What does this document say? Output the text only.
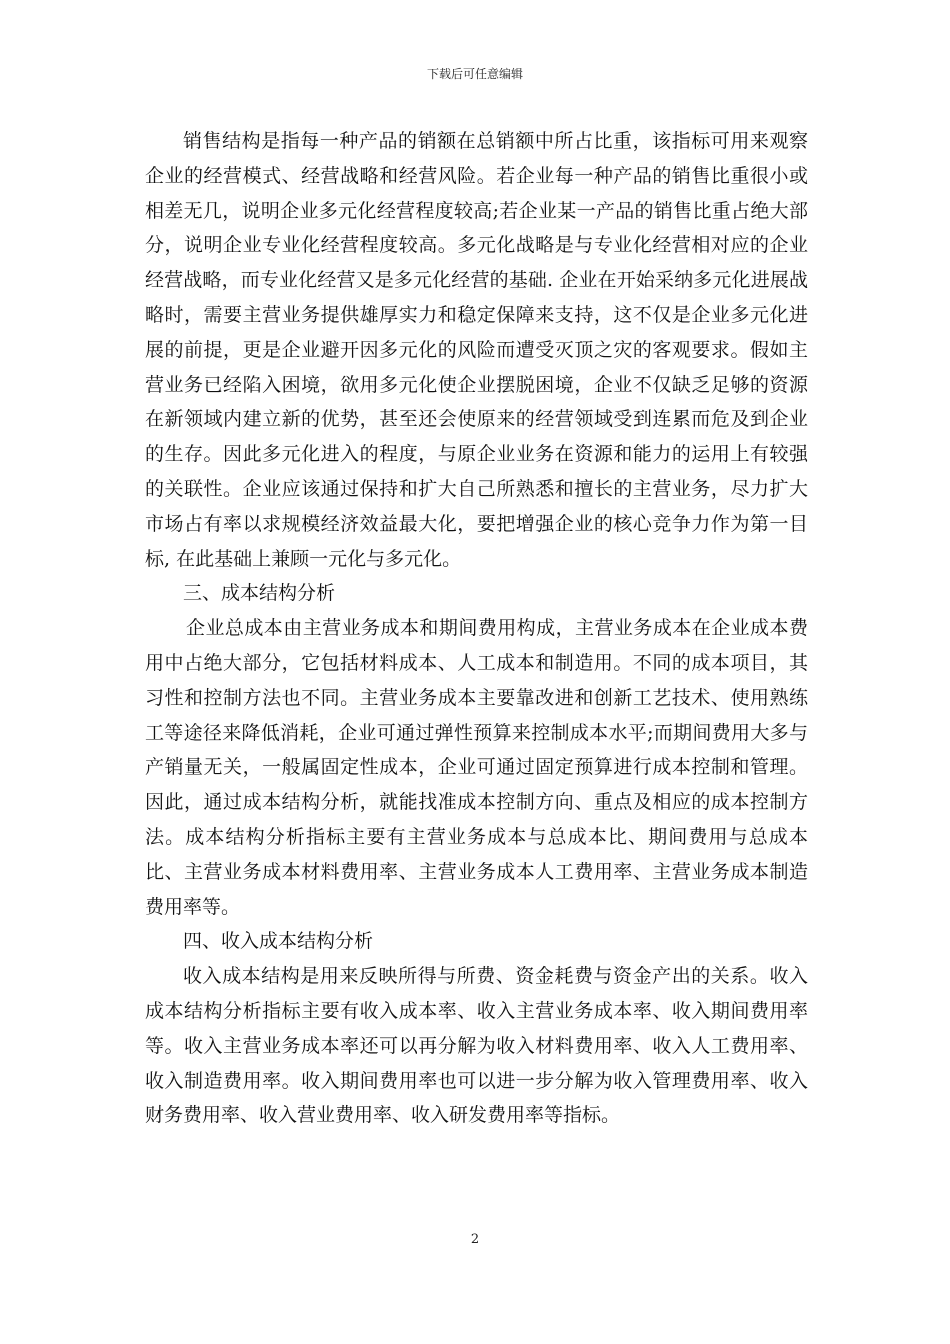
下载后可任意编辑

销售结构是指每一种产品的销额在总销额中所占比重，该指标可用来观察企业的经营模式、经营战略和经营风险。若企业每一种产品的销售比重很小或相差无几，说明企业多元化经营程度较高;若企业某一产品的销售比重占绝大部分，说明企业专业化经营程度较高。多元化战略是与专业化经营相对应的企业经营战略，而专业化经营又是多元化经营的基础. 企业在开始采纳多元化进展战略时，需要主营业务提供雄厚实力和稳定保障来支持，这不仅是企业多元化进展的前提，更是企业避开因多元化的风险而遭受灭顶之灾的客观要求。假如主营业务已经陷入困境，欲用多元化使企业摆脱困境，企业不仅缺乏足够的资源在新领域内建立新的优势，甚至还会使原来的经营领域受到连累而危及到企业的生存。因此多元化进入的程度，与原企业业务在资源和能力的运用上有较强的关联性。企业应该通过保持和扩大自己所熟悉和擅长的主营业务，尽力扩大市场占有率以求规模经济效益最大化，要把增强企业的核心竞争力作为第一目标, 在此基础上兼顾一元化与多元化。

三、成本结构分析

企业总成本由主营业务成本和期间费用构成，主营业务成本在企业成本费用中占绝大部分，它包括材料成本、人工成本和制造用。不同的成本项目，其习性和控制方法也不同。主营业务成本主要靠改进和创新工艺技术、使用熟练工等途径来降低消耗，企业可通过弹性预算来控制成本水平;而期间费用大多与产销量无关，一般属固定性成本，企业可通过固定预算进行成本控制和管理。因此，通过成本结构分析，就能找准成本控制方向、重点及相应的成本控制方法。成本结构分析指标主要有主营业务成本与总成本比、期间费用与总成本比、主营业务成本材料费用率、主营业务成本人工费用率、主营业务成本制造费用率等。

四、收入成本结构分析

收入成本结构是用来反映所得与所费、资金耗费与资金产出的关系。收入成本结构分析指标主要有收入成本率、收入主营业务成本率、收入期间费用率等。收入主营业务成本率还可以再分解为收入材料费用率、收入人工费用率、收入制造费用率。收入期间费用率也可以进一步分解为收入管理费用率、收入财务费用率、收入营业费用率、收入研发费用率等指标。

2
